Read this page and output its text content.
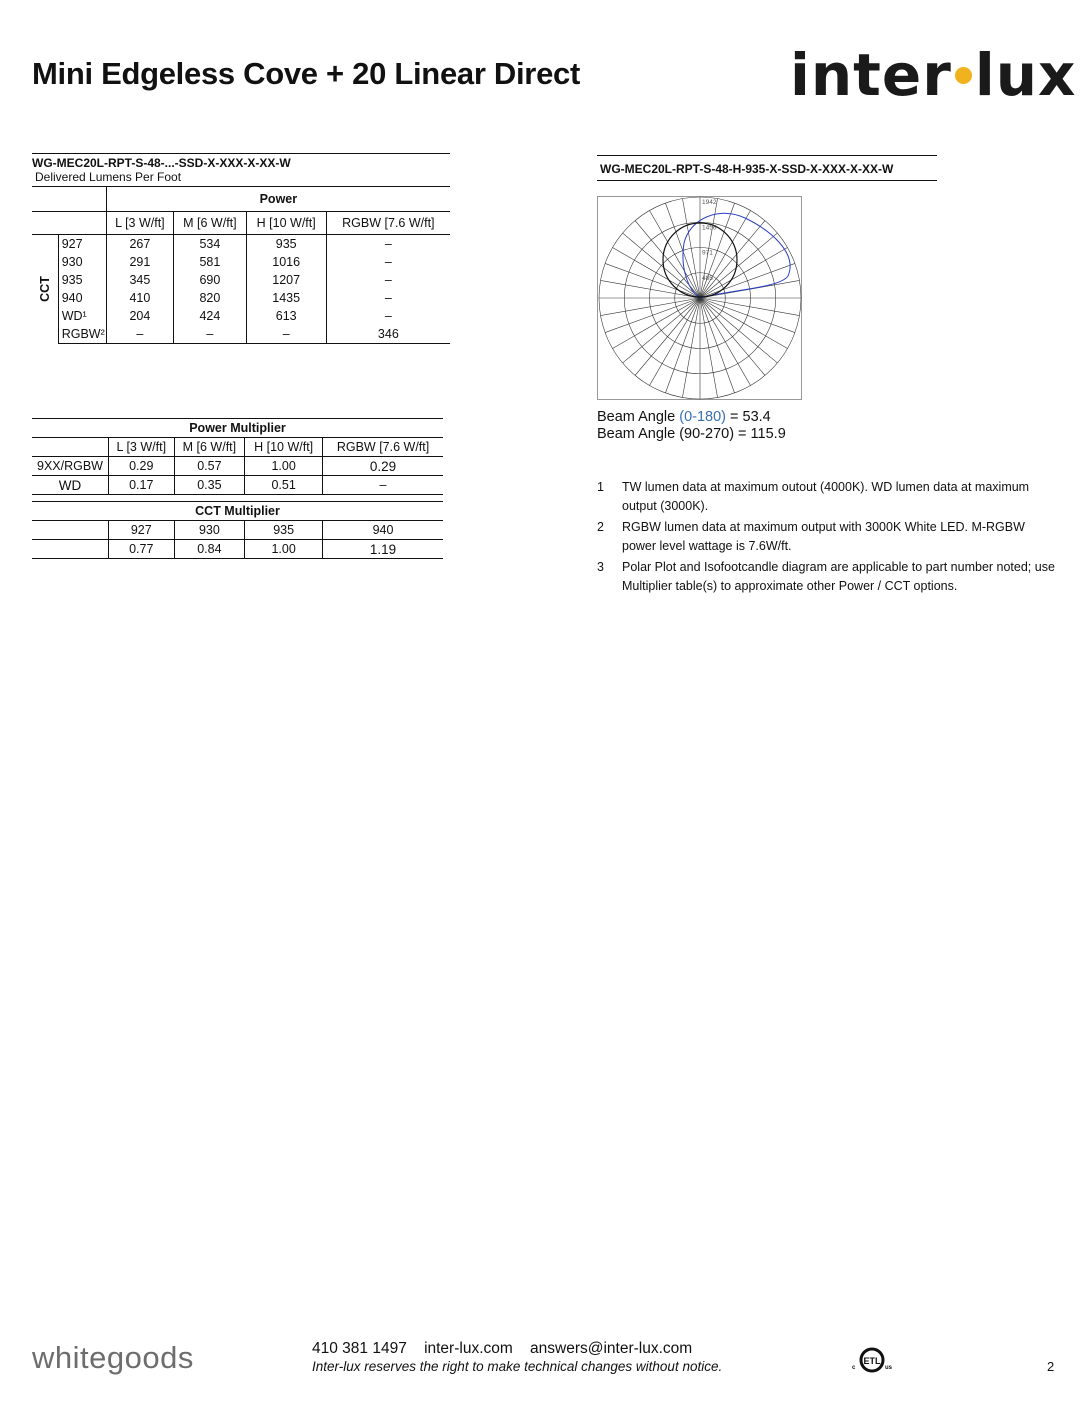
Mini Edgeless Cove + 20 Linear Direct	inter lux
WG-MEC20L-RPT-S-48-...-SSD-X-XXX-X-XX-W
Delivered Lumens Per Foot
		Power			
		L [3 W/ft]	M [6 W/ft]	H [10 W/ft]	RGBW [7.6 W/ft]
CCT	927	267	534	935	–
	930	291	581	1016	–
	935	345	690	1207	–
	940	410	820	1435	–
	WD¹	204	424	613	–
	RGBW²	–	–	–	346
Power Multiplier				
	L [3 W/ft]	M [6 W/ft]	H [10 W/ft]	RGBW [7.6 W/ft]
9XX/RGBW	0.29	0.57	1.00	0.29
WD	0.17	0.35	0.51	–

CCT Multiplier				
	927	930	935	940
	0.77	0.84	1.00	1.19
WG-MEC20L-RPT-S-48-H-935-X-SSD-X-XXX-X-XX-W
1942
1456
971
485
Beam Angle (0-180) = 53.4
Beam Angle (90-270) = 115.9
1 TW lumen data at maximum outout (4000K). WD lumen data at maximum output (3000K).
2 RGBW lumen data at maximum output with 3000K White LED. M-RGBW power level wattage is 7.6W/ft.
3 Polar Plot and Isofootcandle diagram are applicable to part number noted; use Multiplier table(s) to approximate other Power / CCT options.
whitegoods	410 381 1497 inter-lux.com answers@inter-lux.com
Inter-lux reserves the right to make technical changes without notice.	ETL
c	us	2
